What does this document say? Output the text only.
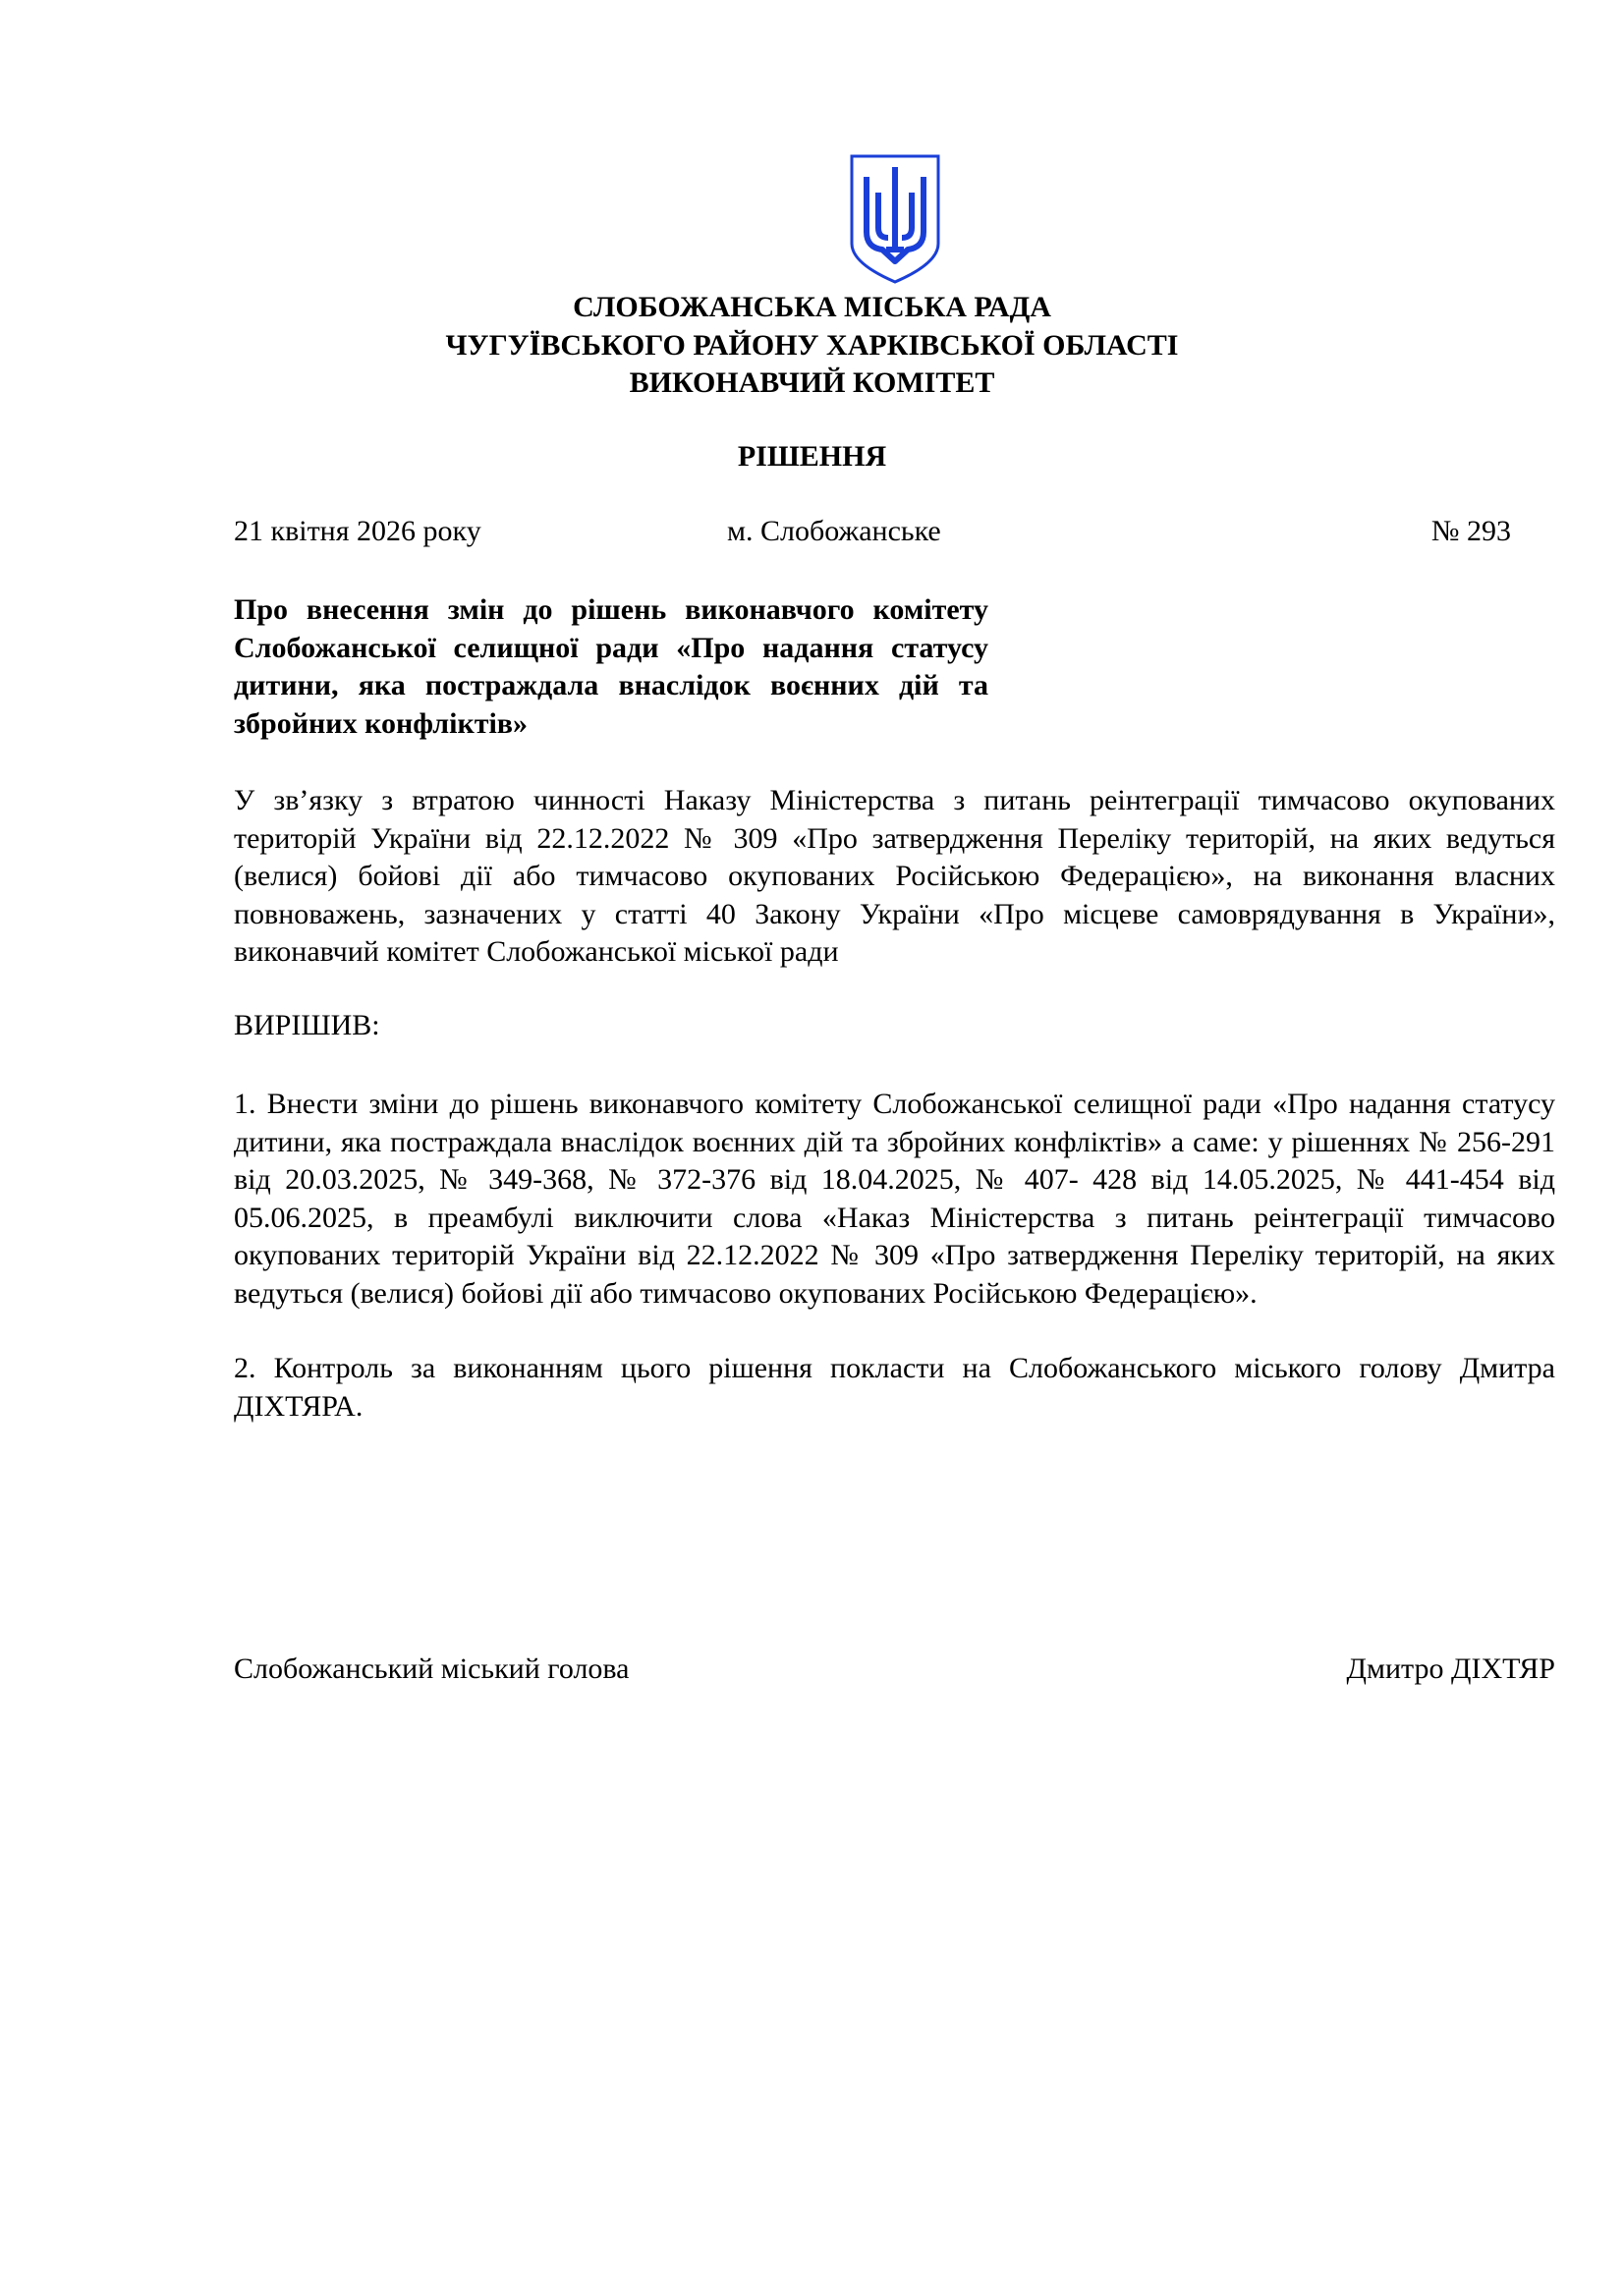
СЛОБОЖАНСЬКА МІСЬКА РАДА
ЧУГУЇВСЬКОГО РАЙОНУ ХАРКІВСЬКОЇ ОБЛАСТІ
ВИКОНАВЧИЙ КОМІТЕТ
РІШЕННЯ
21 квітня 2026 року	м. Слобожанське	№ 293
Про внесення змін до рішень виконавчого комітету Слобожанської селищної ради «Про надання статусу дитини, яка постраждала внаслідок воєнних дій та збройних конфліктів»
У зв’язку з втратою чинності Наказу Міністерства з питань реінтеграції тимчасово окупованих територій України від 22.12.2022 № 309 «Про затвердження Переліку територій, на яких ведуться (велися) бойові дії або тимчасово окупованих Російською Федерацією», на виконання власних повноважень, зазначених у статті 40 Закону України «Про місцеве самоврядування в України», виконавчий комітет Слобожанської міської ради
ВИРІШИВ:
1. Внести зміни до рішень виконавчого комітету Слобожанської селищної ради «Про надання статусу дитини, яка постраждала внаслідок воєнних дій та збройних конфліктів» а саме: у рішеннях № 256-291 від 20.03.2025, № 349-368, № 372-376 від 18.04.2025, № 407- 428 від 14.05.2025, № 441-454 від 05.06.2025, в преамбулі виключити слова «Наказ Міністерства з питань реінтеграції тимчасово окупованих територій України від 22.12.2022 № 309 «Про затвердження Переліку територій, на яких ведуться (велися) бойові дії або тимчасово окупованих Російською Федерацією».
2. Контроль за виконанням цього рішення покласти на Слобожанського міського голову Дмитра ДІХТЯРА.
Слобожанський міський голова	Дмитро ДІХТЯР
